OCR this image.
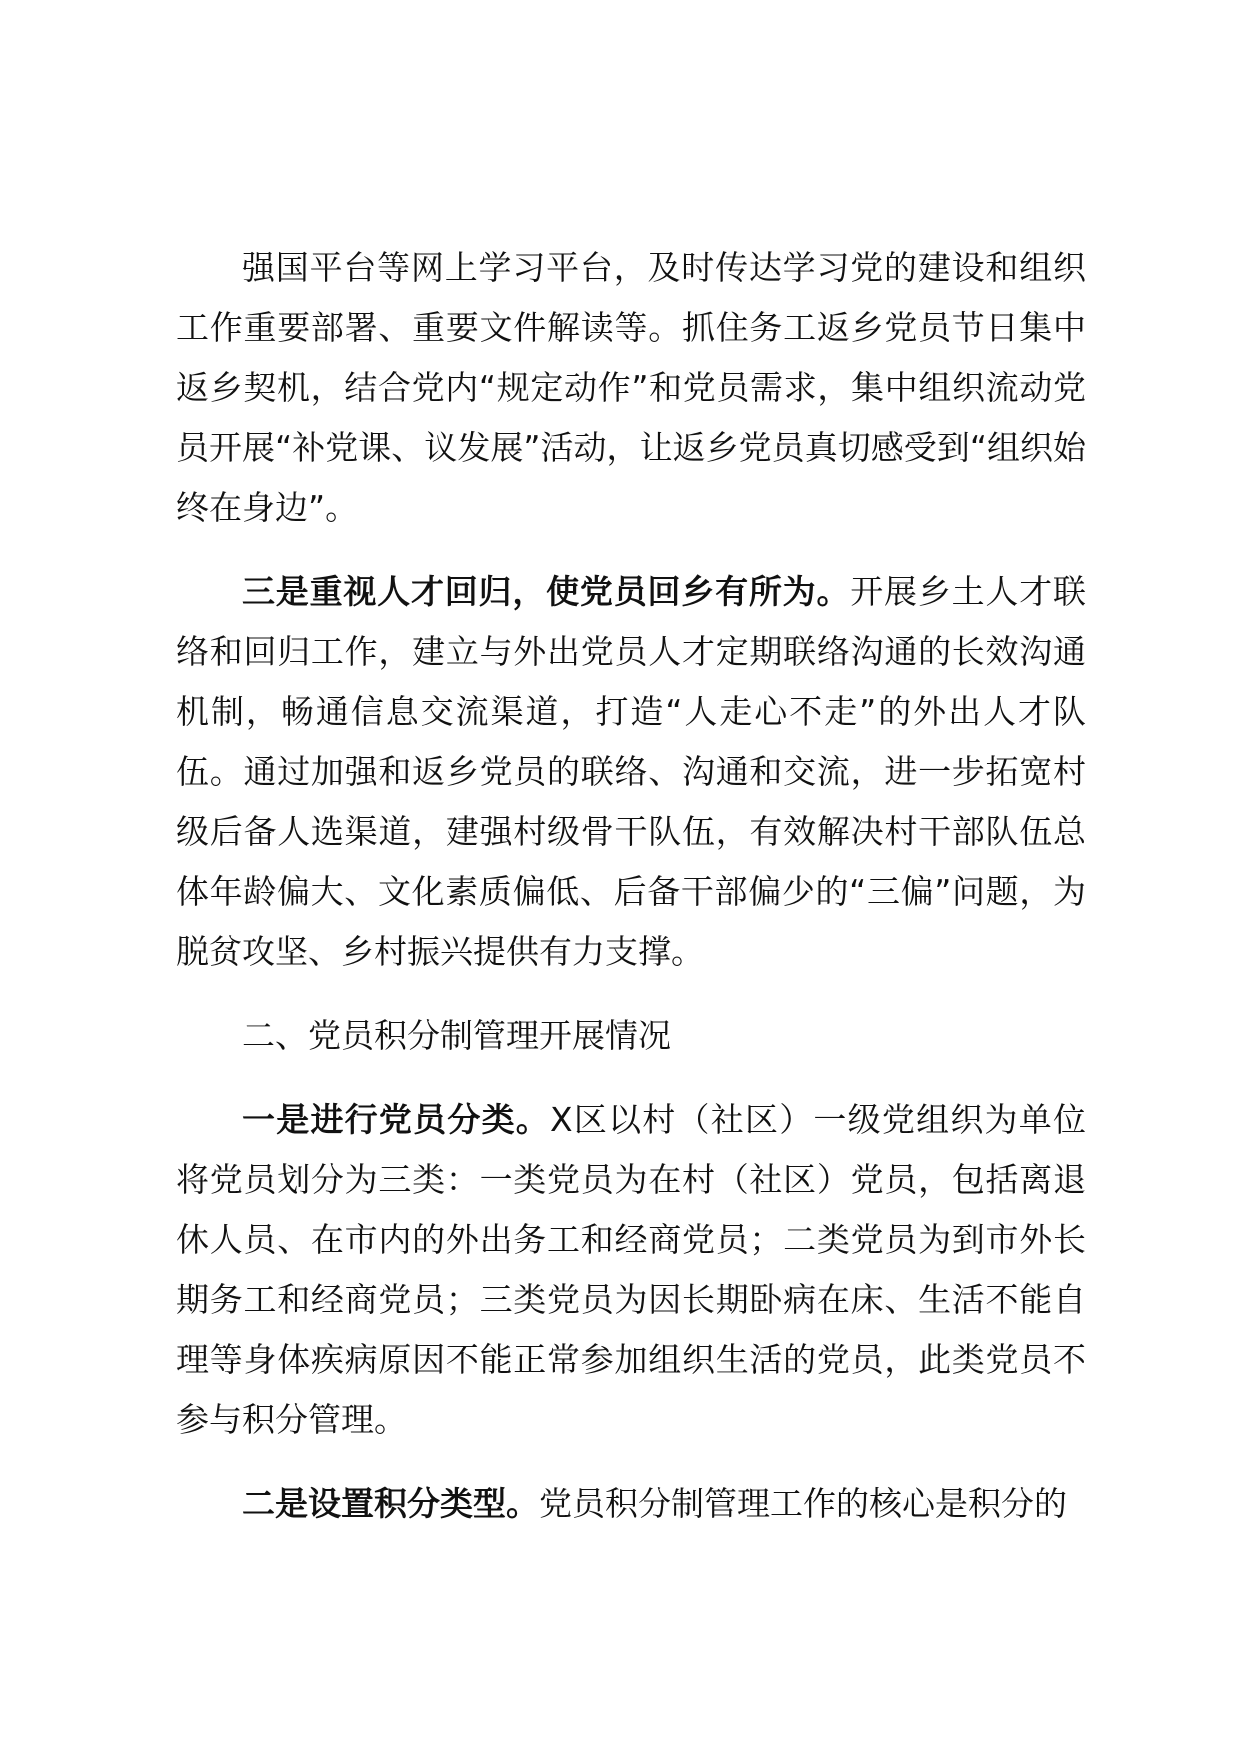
强国平台等网上学习平台，及时传达学习党的建设和组织工作重要部署、重要文件解读等。抓住务工返乡党员节日集中返乡契机，结合党内“规定动作”和党员需求，集中组织流动党员开展“补党课、议发展”活动，让返乡党员真切感受到“组织始终在身边”。

三是重视人才回归，使党员回乡有所为。开展乡土人才联络和回归工作，建立与外出党员人才定期联络沟通的长效沟通机制，畅通信息交流渠道，打造“人走心不走”的外出人才队伍。通过加强和返乡党员的联络、沟通和交流，进一步拓宽村级后备人选渠道，建强村级骨干队伍，有效解决村干部队伍总体年龄偏大、文化素质偏低、后备干部偏少的“三偏”问题，为脱贫攻坚、乡村振兴提供有力支撑。

二、党员积分制管理开展情况

一是进行党员分类。X区以村（社区）一级党组织为单位将党员划分为三类：一类党员为在村（社区）党员，包括离退休人员、在市内的外出务工和经商党员；二类党员为到市外长期务工和经商党员；三类党员为因长期卧病在床、生活不能自理等身体疾病原因不能正常参加组织生活的党员，此类党员不参与积分管理。

二是设置积分类型。党员积分制管理工作的核心是积分的
